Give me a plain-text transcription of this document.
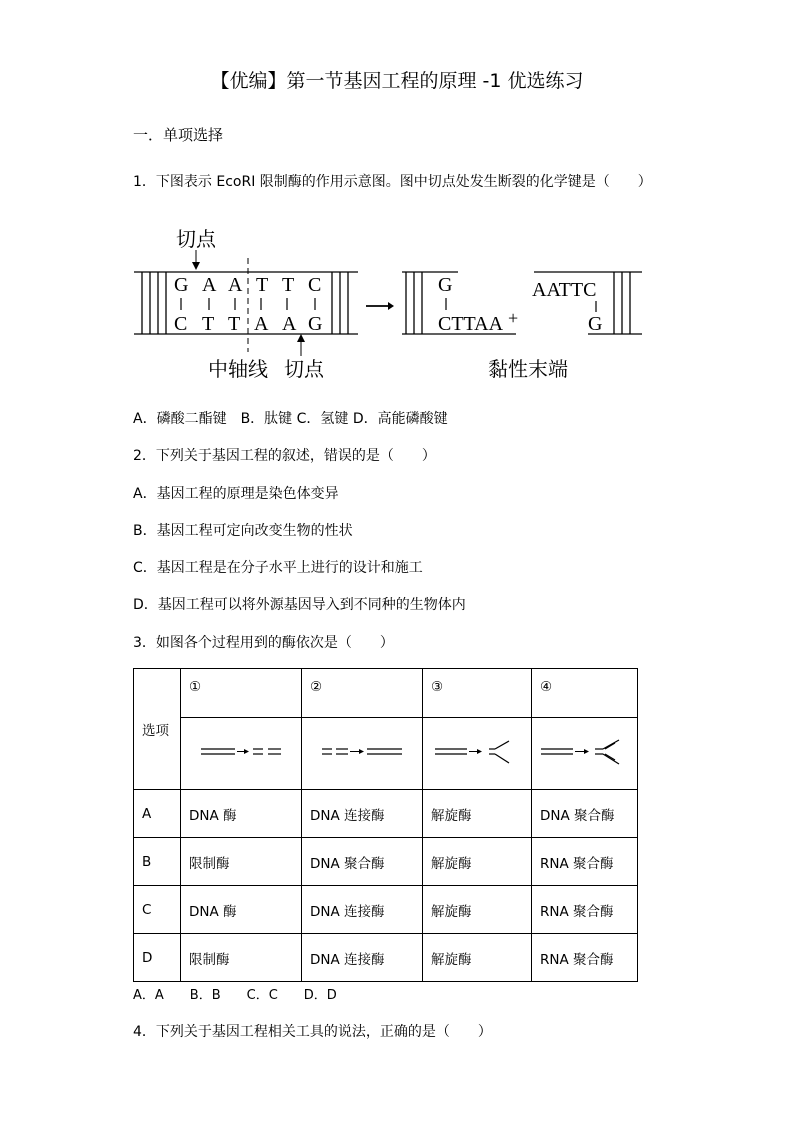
【优编】第一节基因工程的原理 -1 优选练习
一．单项选择
1．下图表示 EcoRI 限制酶的作用示意图。图中切点处发生断裂的化学键是（　　）
切点
G A A T T C
C T T A A G
中轴线 切点
G
CTTAA +
AATTC
G
黏性末端
A．磷酸二酯键　B．肽键 C．氢键 D．高能磷酸键
2．下列关于基因工程的叙述，错误的是（　　）
A．基因工程的原理是染色体变异
B．基因工程可定向改变生物的性状
C．基因工程是在分子水平上进行的设计和施工
D．基因工程可以将外源基因导入到不同种的生物体内
3．如图各个过程用到的酶依次是（　　）
选项	①	②	③	④

A	DNA 酶	DNA 连接酶	解旋酶	DNA 聚合酶
B	限制酶	DNA 聚合酶	解旋酶	RNA 聚合酶
C	DNA 酶	DNA 连接酶	解旋酶	RNA 聚合酶
D	限制酶	DNA 连接酶	解旋酶	RNA 聚合酶
A．A　　B．B　　C．C　　D．D
4．下列关于基因工程相关工具的说法，正确的是（　　）
